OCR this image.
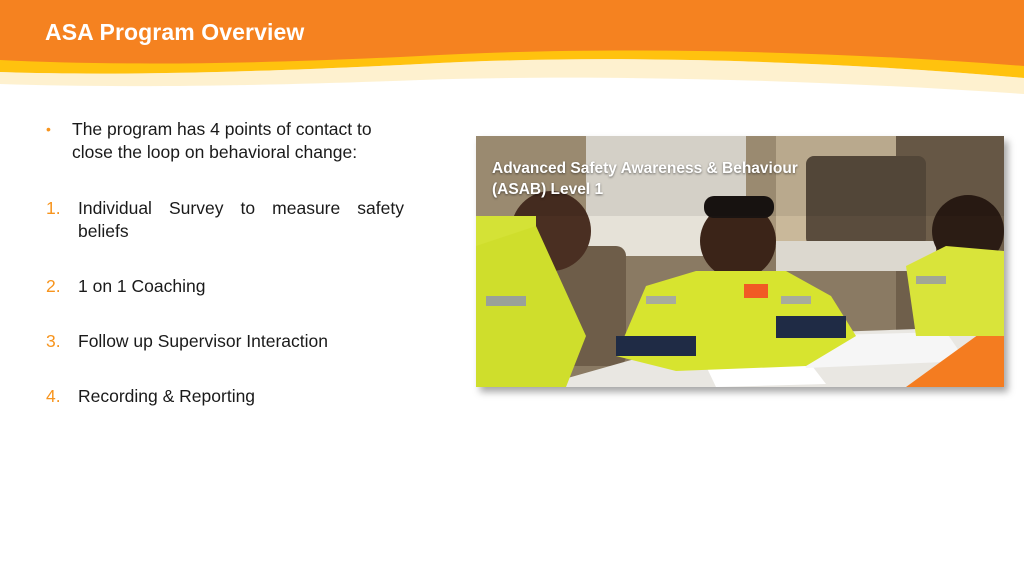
ASA Program Overview
•	The program has 4 points of contact to close the loop on behavioral change:
1. Individual Survey to measure safety beliefs
2. 1 on 1 Coaching
3. Follow up Supervisor Interaction
4. Recording & Reporting
Advanced Safety Awareness & Behaviour
(ASAB) Level 1
